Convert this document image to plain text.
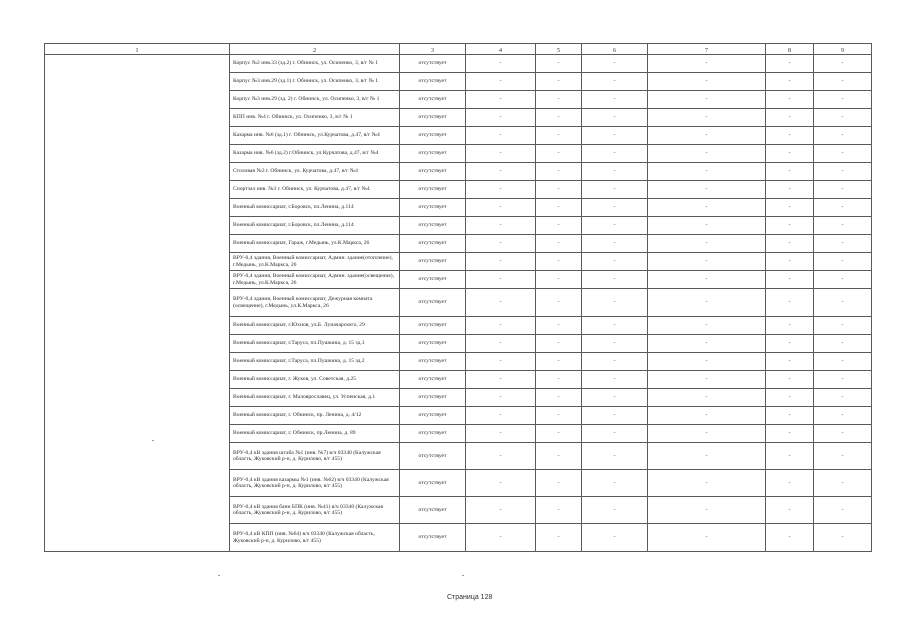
1	2	3	4	5	6	7	8	9
	Корпус №2 инв.33 (зд.2) г. Обнинск, ул. Осипенко, 3, в/г № 1	отсутствует	-	-	-	-	-	-
	Корпус №3 инв.29 (зд.1) г. Обнинск, ул. Осипенко, 3, в/г № 1	отсутствует	-	-	-	-	-	-
	Корпус №3 инв.29 (зд. 2) г. Обнинск, ул. Осипенко, 3, в/г № 1	отсутствует	-	-	-	-	-	-
	КПП инв. №4 г. Обнинск, ул. Осипенко, 3, в/г № 1	отсутствует	-	-	-	-	-	-
	Казарма инв. №6 (зд.1) г. Обнинск, ул.Курчатова, д.47, в/г №4	отсутствует	-	-	-	-	-	-
	Казарма инв. №6 (зд.2) г.Обнинск, ул.Курчатова, д.47, в/г №4	отсутствует	-	-	-	-	-	-
	Столовая №3 г. Обнинск, ул. Курчатова, д.47, в/г №4	отсутствует	-	-	-	-	-	-
	Спортзал инв. №3 г. Обнинск, ул. Курчатова, д.47, в/г №4	отсутствует	-	-	-	-	-	-
	Военный комиссариат, г.Боровск, пл.Ленина, д.114	отсутствует	-	-	-	-	-	-
	Военный комиссариат, г.Боровск, пл.Ленина, д.114	отсутствует	-	-	-	-	-	-
	Военный комиссариат, Гараж, г.Медынь, ул.К.Маркса, 26	отсутствует	-	-	-	-	-	-
	ВРУ-0,4 здания, Военный комиссариат, Админ. здание(отопление), г.Медынь, ул.К.Маркса, 26	отсутствует	-	-	-	-	-	-
	ВРУ-0,4 здания, Военный комиссариат, Админ. здание(освещение), г.Медынь, ул.К.Маркса, 26	отсутствует	-	-	-	-	-	-
	ВРУ-0,4 здания, Военный комиссариат, Дежурная комната (освещение), г.Медынь, ул.К.Маркса, 26	отсутствует	-	-	-	-	-	-
	Военный комиссариат, г.Юхнов, ул.Б. Луначарского, 29	отсутствует	-	-	-	-	-	-
	Военный комиссариат, г.Таруса, пл.Пушкина, д. 15 зд.1	отсутствует	-	-	-	-	-	-
	Военный комиссариат, г.Таруса, пл.Пушкина, д. 15 зд.2	отсутствует	-	-	-	-	-	-
	Военный комиссариат, г. Жуков, ул. Советская, д.25	отсутствует	-	-	-	-	-	-
	Военный комиссариат, г. Малоярославец, ул. Успенская, д.1	отсутствует	-	-	-	-	-	-
	Военный комиссариат, г. Обнинск, пр. Ленина, д. 4/12	отсутствует	-	-	-	-	-	-
	Военный комиссариат, г. Обнинск, пр.Ленина, д. 89	отсутствует	-	-	-	-	-	-
	ВРУ-0,4 кВ здания штаба №1 (инв. №7) в/ч 03340 (Калужская область, Жуковский р-н, д. Курилово, в/г 455)	отсутствует	-	-	-	-	-	-
	ВРУ-0,4 кВ здания казармы №1 (инв. №62) в/ч 03340 (Калужская область, Жуковский р-н, д. Курилово, в/г 455)	отсутствует	-	-	-	-	-	-
	ВРУ-0,4 кВ здания бани БПК (инв. №41) в/ч 03340 (Калужская область, Жуковский р-н, д. Курилово, в/г 455)	отсутствует	-	-	-	-	-	-
	ВРУ-0,4 кВ КПП (инв. №64) в/ч 03340 (Калужская область, Жуковский р-н, д. Курилово, в/г 455)	отсутствует	-	-	-	-	-	-
Страница 128
